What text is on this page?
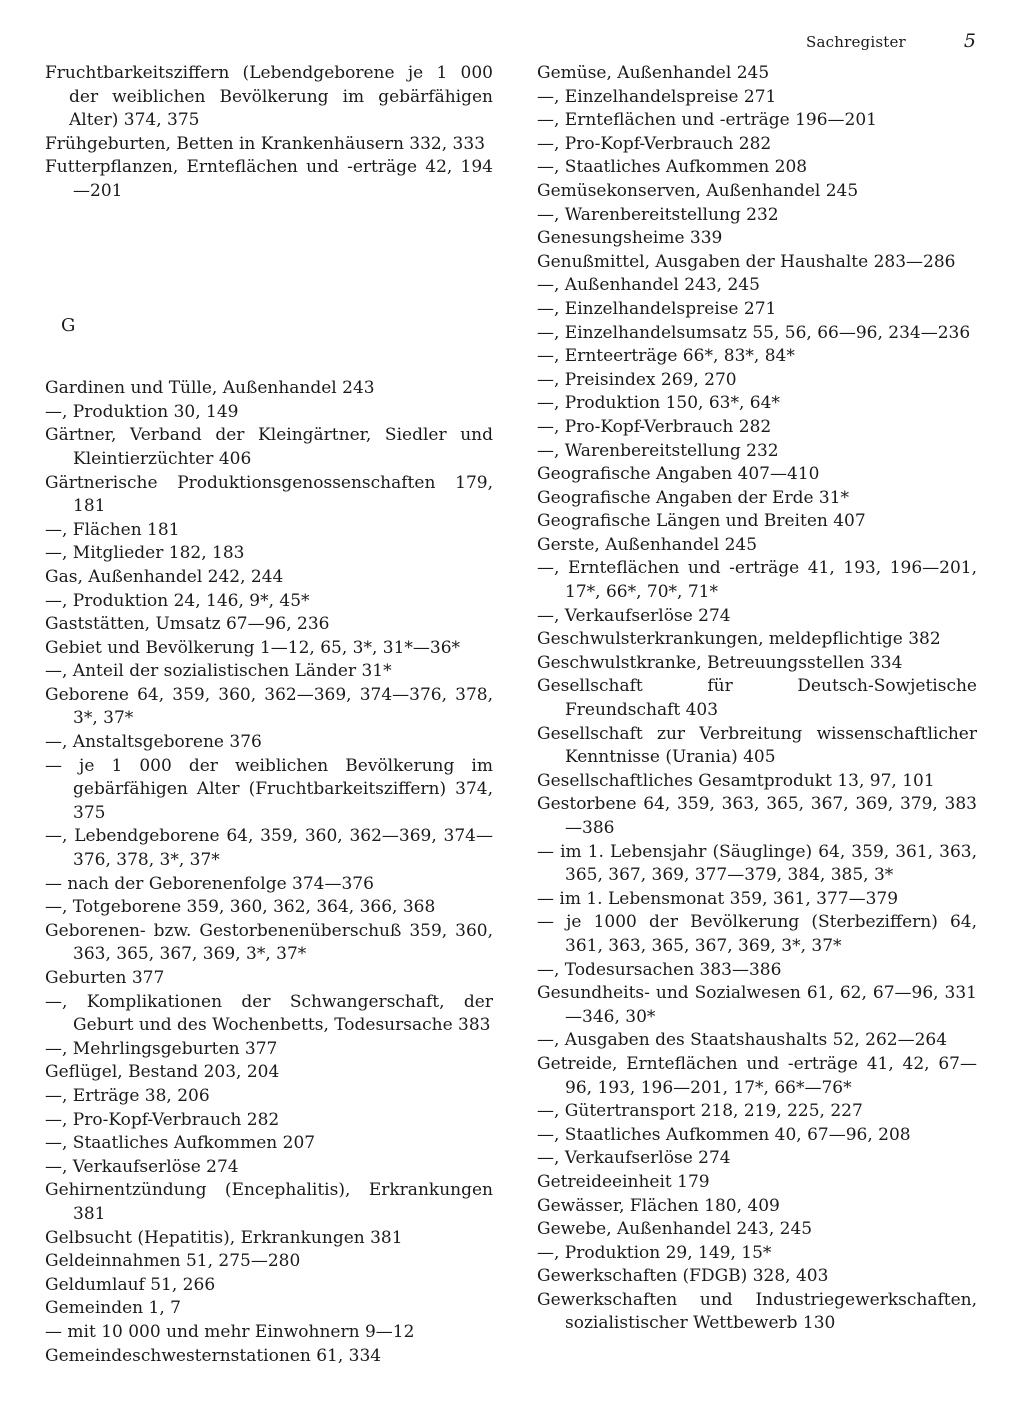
Sachregister	5

Fruchtbarkeitsziffern (Lebendgeborene je 1 000 der weiblichen Bevölkerung im gebärfähigen Alter) 374, 375

Frühgeburten, Betten in Krankenhäusern 332, 333

Futterpflanzen, Ernteflächen und -erträge 42, 194—201

G

Gardinen und Tülle, Außenhandel 243

—, Produktion 30, 149

Gärtner, Verband der Kleingärtner, Siedler und Kleintierzüchter 406

Gärtnerische Produktionsgenossenschaften 179, 181

—, Flächen 181

—, Mitglieder 182, 183

Gas, Außenhandel 242, 244

—, Produktion 24, 146, 9*, 45*

Gaststätten, Umsatz 67—96, 236

Gebiet und Bevölkerung 1—12, 65, 3*, 31*—36*

—, Anteil der sozialistischen Länder 31*

Geborene 64, 359, 360, 362—369, 374—376, 378, 3*, 37*

—, Anstaltsgeborene 376

— je 1 000 der weiblichen Bevölkerung im gebärfähigen Alter (Fruchtbarkeitsziffern) 374, 375

—, Lebendgeborene 64, 359, 360, 362—369, 374—376, 378, 3*, 37*

— nach der Geborenenfolge 374—376

—, Totgeborene 359, 360, 362, 364, 366, 368

Geborenen- bzw. Gestorbenenüberschuß 359, 360, 363, 365, 367, 369, 3*, 37*

Geburten 377

—, Komplikationen der Schwangerschaft, der Geburt und des Wochenbetts, Todesursache 383

—, Mehrlingsgeburten 377

Geflügel, Bestand 203, 204

—, Erträge 38, 206

—, Pro-Kopf-Verbrauch 282

—, Staatliches Aufkommen 207

—, Verkaufserlöse 274

Gehirnentzündung (Encephalitis), Erkrankungen 381

Gelbsucht (Hepatitis), Erkrankungen 381

Geldeinnahmen 51, 275—280

Geldumlauf 51, 266

Gemeinden 1, 7

— mit 10 000 und mehr Einwohnern 9—12

Gemeindeschwesternstationen 61, 334

Gemüse, Außenhandel 245

—, Einzelhandelspreise 271

—, Ernteflächen und -erträge 196—201

—, Pro-Kopf-Verbrauch 282

—, Staatliches Aufkommen 208

Gemüsekonserven, Außenhandel 245

—, Warenbereitstellung 232

Genesungsheime 339

Genußmittel, Ausgaben der Haushalte 283—286

—, Außenhandel 243, 245

—, Einzelhandelspreise 271

—, Einzelhandelsumsatz 55, 56, 66—96, 234—236

—, Ernteerträge 66*, 83*, 84*

—, Preisindex 269, 270

—, Produktion 150, 63*, 64*

—, Pro-Kopf-Verbrauch 282

—, Warenbereitstellung 232

Geografische Angaben 407—410

Geografische Angaben der Erde 31*

Geografische Längen und Breiten 407

Gerste, Außenhandel 245

—, Ernteflächen und -erträge 41, 193, 196—201, 17*, 66*, 70*, 71*

—, Verkaufserlöse 274

Geschwulsterkrankungen, meldepflichtige 382

Geschwulstkranke, Betreuungsstellen 334

Gesellschaft für Deutsch-Sowjetische Freundschaft 403

Gesellschaft zur Verbreitung wissenschaftlicher Kenntnisse (Urania) 405

Gesellschaftliches Gesamtprodukt 13, 97, 101

Gestorbene 64, 359, 363, 365, 367, 369, 379, 383—386

— im 1. Lebensjahr (Säuglinge) 64, 359, 361, 363, 365, 367, 369, 377—379, 384, 385, 3*

— im 1. Lebensmonat 359, 361, 377—379

— je 1000 der Bevölkerung (Sterbeziffern) 64, 361, 363, 365, 367, 369, 3*, 37*

—, Todesursachen 383—386

Gesundheits- und Sozialwesen 61, 62, 67—96, 331—346, 30*

—, Ausgaben des Staatshaushalts 52, 262—264

Getreide, Ernteflächen und -erträge 41, 42, 67—96, 193, 196—201, 17*, 66*—76*

—, Gütertransport 218, 219, 225, 227

—, Staatliches Aufkommen 40, 67—96, 208

—, Verkaufserlöse 274

Getreideeinheit 179

Gewässer, Flächen 180, 409

Gewebe, Außenhandel 243, 245

—, Produktion 29, 149, 15*

Gewerkschaften (FDGB) 328, 403

Gewerkschaften und Industriegewerkschaften, sozialistischer Wettbewerb 130
